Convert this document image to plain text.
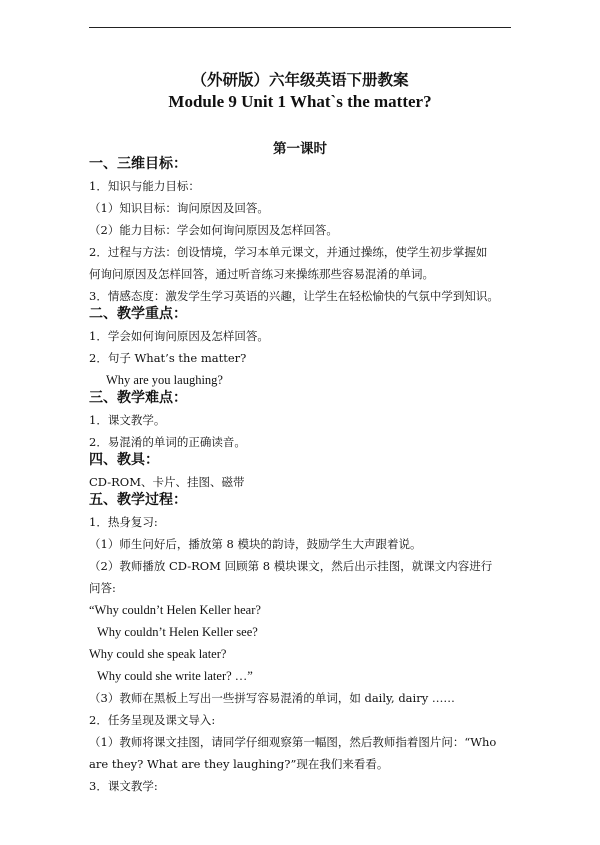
（外研版）六年级英语下册教案
Module 9 Unit 1 What`s the matter?
第一课时
一、三维目标：
1．知识与能力目标：
（1）知识目标：询问原因及回答。
（2）能力目标：学会如何询问原因及怎样回答。
2．过程与方法：创设情境，学习本单元课文，并通过操练，使学生初步掌握如
何询问原因及怎样回答，通过听音练习来操练那些容易混淆的单词。
3．情感态度：激发学生学习英语的兴趣，让学生在轻松愉快的气氛中学到知识。
二、教学重点：
1．学会如何询问原因及怎样回答。
2．句子 What’s the matter?
Why are you laughing?
三、教学难点：
1．课文教学。
2．易混淆的单词的正确读音。
四、教具：
CD-ROM、卡片、挂图、磁带
五、教学过程：
1．热身复习:
（1）师生问好后，播放第 8 模块的韵诗，鼓励学生大声跟着说。
（2）教师播放 CD-ROM 回顾第 8 模块课文，然后出示挂图，就课文内容进行
问答:
“Why couldn’t Helen Keller hear?
Why couldn’t Helen Keller see?
Why could she speak later?
Why could she write later? …”
（3）教师在黑板上写出一些拼写容易混淆的单词，如 daily, dairy ……
2．任务呈现及课文导入:
（1）教师将课文挂图，请同学仔细观察第一幅图，然后教师指着图片问：“Who
are they? What are they laughing?”现在我们来看看。
3．课文教学:
